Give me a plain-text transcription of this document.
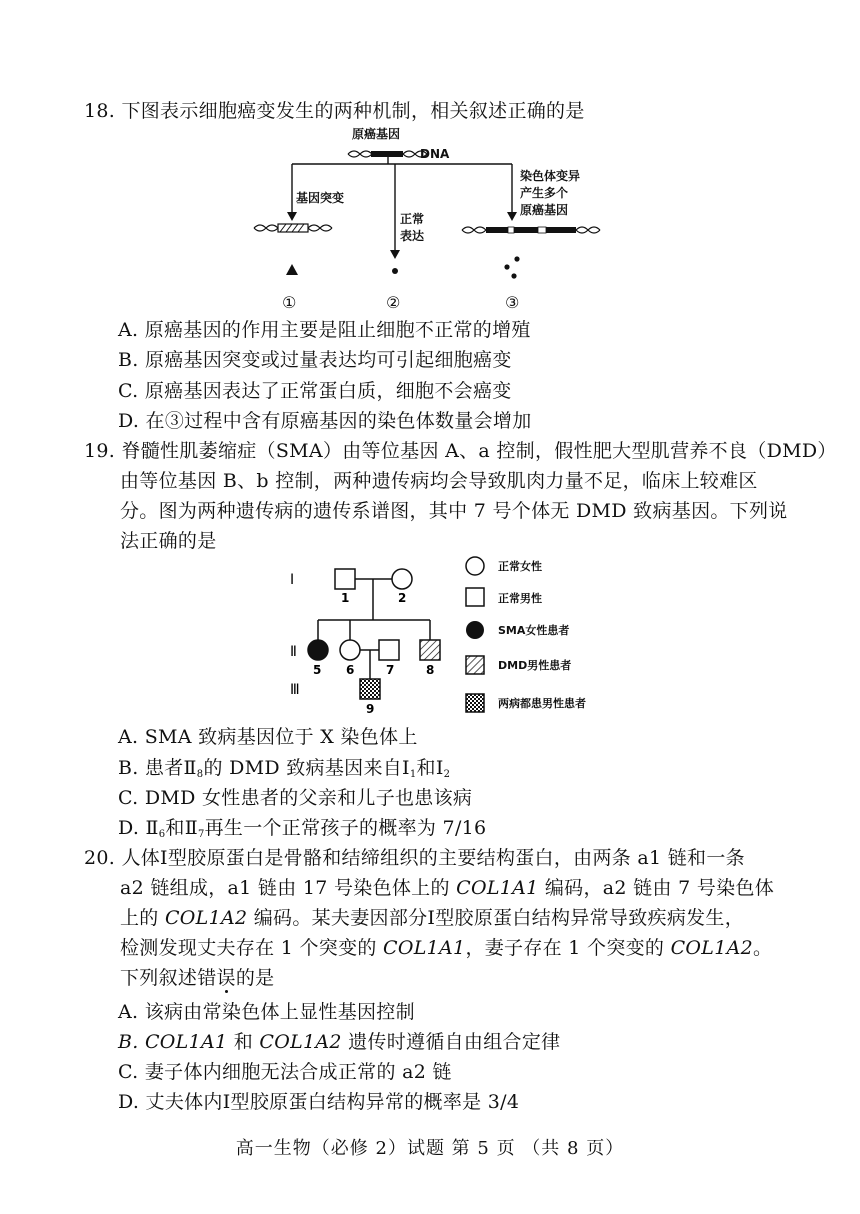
18. 下图表示细胞癌变发生的两种机制，相关叙述正确的是
原癌基因
DNA
基因突变
正常
表达
染色体变异
产生多个
原癌基因
①	②	③
A. 原癌基因的作用主要是阻止细胞不正常的增殖
B. 原癌基因突变或过量表达均可引起细胞癌变
C. 原癌基因表达了正常蛋白质，细胞不会癌变
D. 在③过程中含有原癌基因的染色体数量会增加
19. 脊髓性肌萎缩症（SMA）由等位基因 A、a 控制，假性肥大型肌营养不良（DMD）
由等位基因 B、b 控制，两种遗传病均会导致肌肉力量不足，临床上较难区
分。图为两种遗传病的遗传系谱图，其中 7 号个体无 DMD 致病基因。下列说
法正确的是
Ⅰ
Ⅱ
Ⅲ
1	2
5 6	7	8
9
正常女性
正常男性
SMA女性患者
DMD男性患者
两病都患男性患者
A. SMA 致病基因位于 X 染色体上
B. 患者$Ⅱ_8$的 DMD 致病基因来自$Ⅰ_1$和$Ⅰ_2$
C. DMD 女性患者的父亲和儿子也患该病
D. $Ⅱ_6$和$Ⅱ_7$再生一个正常孩子的概率为 7/16
20. 人体Ⅰ型胶原蛋白是骨骼和结缔组织的主要结构蛋白，由两条 a1 链和一条
a2 链组成，a1 链由 17 号染色体上的 COL1A1 编码，a2 链由 7 号染色体
上的 COL1A2 编码。某夫妻因部分Ⅰ型胶原蛋白结构异常导致疾病发生，
检测发现丈夫存在 1 个突变的 COL1A1，妻子存在 1 个突变的 COL1A2。
下列叙述错误的是
A. 该病由常染色体上显性基因控制
B. COL1A1 和 COL1A2 遗传时遵循自由组合定律
C. 妻子体内细胞无法合成正常的 a2 链
D. 丈夫体内Ⅰ型胶原蛋白结构异常的概率是 3/4
高一生物（必修 2）试题 第 5 页 （共 8 页）
